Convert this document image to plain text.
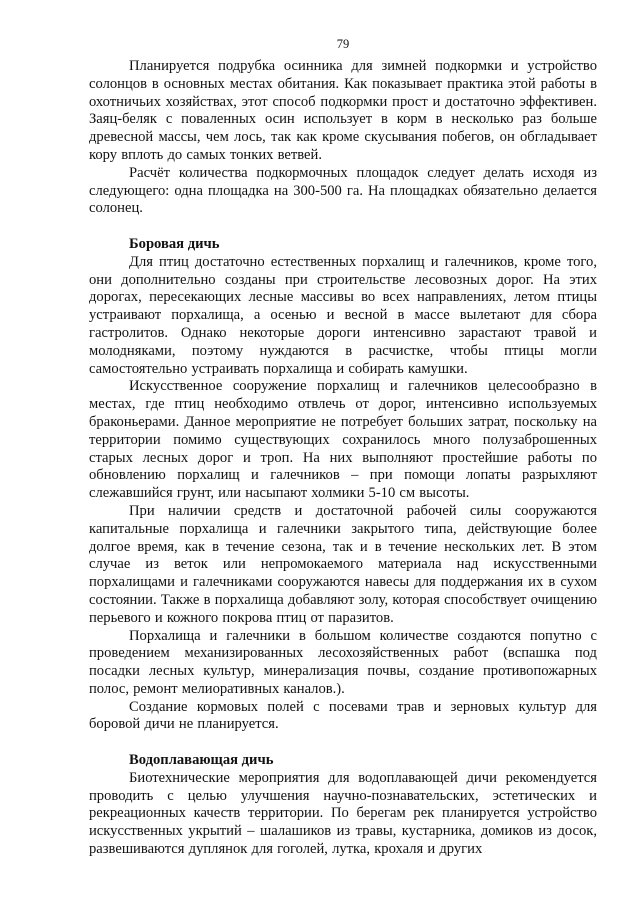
79

Планируется подрубка осинника для зимней подкормки и устройство солонцов в основных местах обитания. Как показывает практика этой работы в охотничьих хозяйствах, этот способ подкормки прост и достаточно эффективен. Заяц-беляк с поваленных осин использует в корм в несколько раз больше древесной массы, чем лось, так как кроме скусывания побегов, он обгладывает кору вплоть до самых тонких ветвей.

Расчёт количества подкормочных площадок следует делать исходя из следующего: одна площадка на 300-500 га. На площадках обязательно делается солонец.

Боровая дичь

Для птиц достаточно естественных порхалищ и галечников, кроме того, они дополнительно созданы при строительстве лесовозных дорог. На этих дорогах, пересекающих лесные массивы во всех направлениях, летом птицы устраивают порхалища, а осенью и весной в массе вылетают для сбора гастролитов. Однако некоторые дороги интенсивно зарастают травой и молодняками, поэтому нуждаются в расчистке, чтобы птицы могли самостоятельно устраивать порхалища и собирать камушки.

Искусственное сооружение порхалищ и галечников целесообразно в местах, где птиц необходимо отвлечь от дорог, интенсивно используемых браконьерами. Данное мероприятие не потребует больших затрат, поскольку на территории помимо существующих сохранилось много полузаброшенных старых лесных дорог и троп. На них выполняют простейшие работы по обновлению порхалищ и галечников – при помощи лопаты разрыхляют слежавшийся грунт, или насыпают холмики 5-10 см высоты.

При наличии средств и достаточной рабочей силы сооружаются капитальные порхалища и галечники закрытого типа, действующие более долгое время, как в течение сезона, так и в течение нескольких лет. В этом случае из веток или непромокаемого материала над искусственными порхалищами и галечниками сооружаются навесы для поддержания их в сухом состоянии. Также в порхалища добавляют золу, которая способствует очищению перьевого и кожного покрова птиц от паразитов.

Порхалища и галечники в большом количестве создаются попутно с проведением механизированных лесохозяйственных работ (вспашка под посадки лесных культур, минерализация почвы, создание противопожарных полос, ремонт мелиоративных каналов.).

Создание кормовых полей с посевами трав и зерновых культур для боровой дичи не планируется.

Водоплавающая дичь

Биотехнические мероприятия для водоплавающей дичи рекомендуется проводить с целью улучшения научно-познавательских, эстетических и рекреационных качеств территории. По берегам рек планируется устройство искусственных укрытий – шалашиков из травы, кустарника, домиков из досок, развешиваются дуплянок для гоголей, лутка, крохаля и других
